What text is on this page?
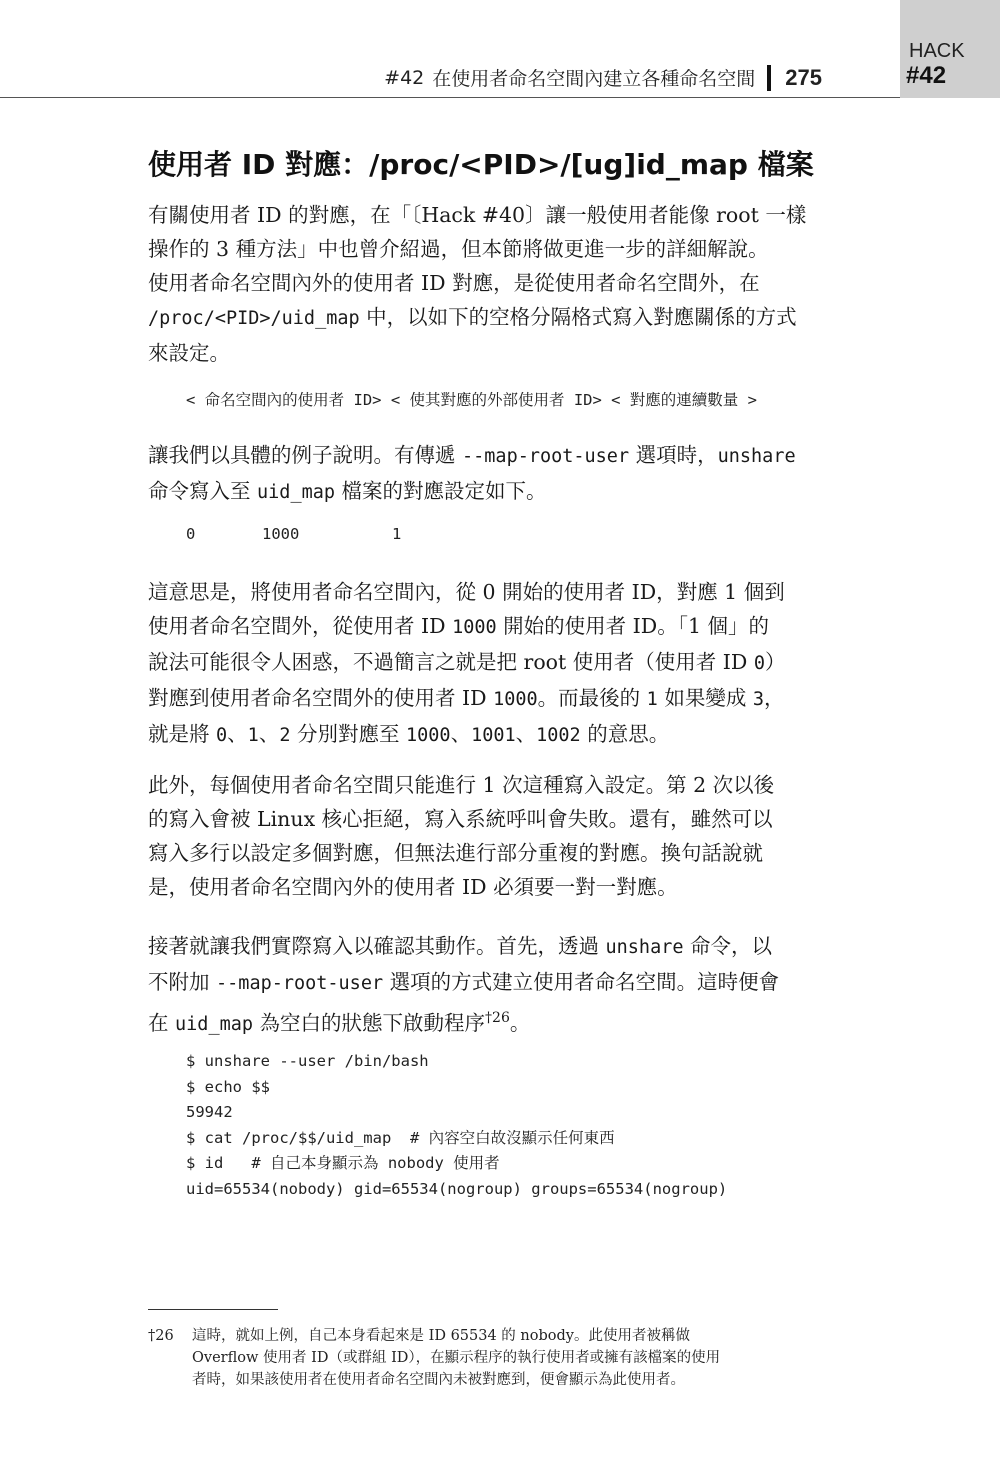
HACK
#42
#42 在使用者命名空間內建立各種命名空間 275
使用者 ID 對應：/proc/<PID>/[ug]id_map 檔案
有關使用者 ID 的對應，在「〔Hack #40〕讓一般使用者能像 root 一樣
操作的 3 種方法」中也曾介紹過，但本節將做更進一步的詳細解說。
使用者命名空間內外的使用者 ID 對應，是從使用者命名空間外，在
/proc/<PID>/uid_map 中，以如下的空格分隔格式寫入對應關係的方式
來設定。
< 命名空間內的使用者 ID> < 使其對應的外部使用者 ID> < 對應的連續數量 >
讓我們以具體的例子說明。有傳遞 --map-root-user 選項時，unshare
命令寫入至 uid_map 檔案的對應設定如下。
0	1000	1
這意思是，將使用者命名空間內，從 0 開始的使用者 ID，對應 1 個到
使用者命名空間外，從使用者 ID 1000 開始的使用者 ID。「1 個」的
說法可能很令人困惑，不過簡言之就是把 root 使用者（使用者 ID 0）
對應到使用者命名空間外的使用者 ID 1000。而最後的 1 如果變成 3，
就是將 0、1、2 分別對應至 1000、1001、1002 的意思。
此外，每個使用者命名空間只能進行 1 次這種寫入設定。第 2 次以後
的寫入會被 Linux 核心拒絕，寫入系統呼叫會失敗。還有，雖然可以
寫入多行以設定多個對應，但無法進行部分重複的對應。換句話說就
是，使用者命名空間內外的使用者 ID 必須要一對一對應。
接著就讓我們實際寫入以確認其動作。首先，透過 unshare 命令，以
不附加 --map-root-user 選項的方式建立使用者命名空間。這時便會
在 uid_map 為空白的狀態下啟動程序$^{\dagger 26}$。
$ unshare --user /bin/bash
$ echo $$
59942
$ cat /proc/$$/uid_map  # 內容空白故沒顯示任何東西
$ id   # 自己本身顯示為 nobody 使用者
uid=65534(nobody) gid=65534(nogroup) groups=65534(nogroup)
†26 這時，就如上例，自己本身看起來是 ID 65534 的 nobody。此使用者被稱做
Overflow 使用者 ID（或群組 ID），在顯示程序的執行使用者或擁有該檔案的使用
者時，如果該使用者在使用者命名空間內未被對應到，便會顯示為此使用者。
